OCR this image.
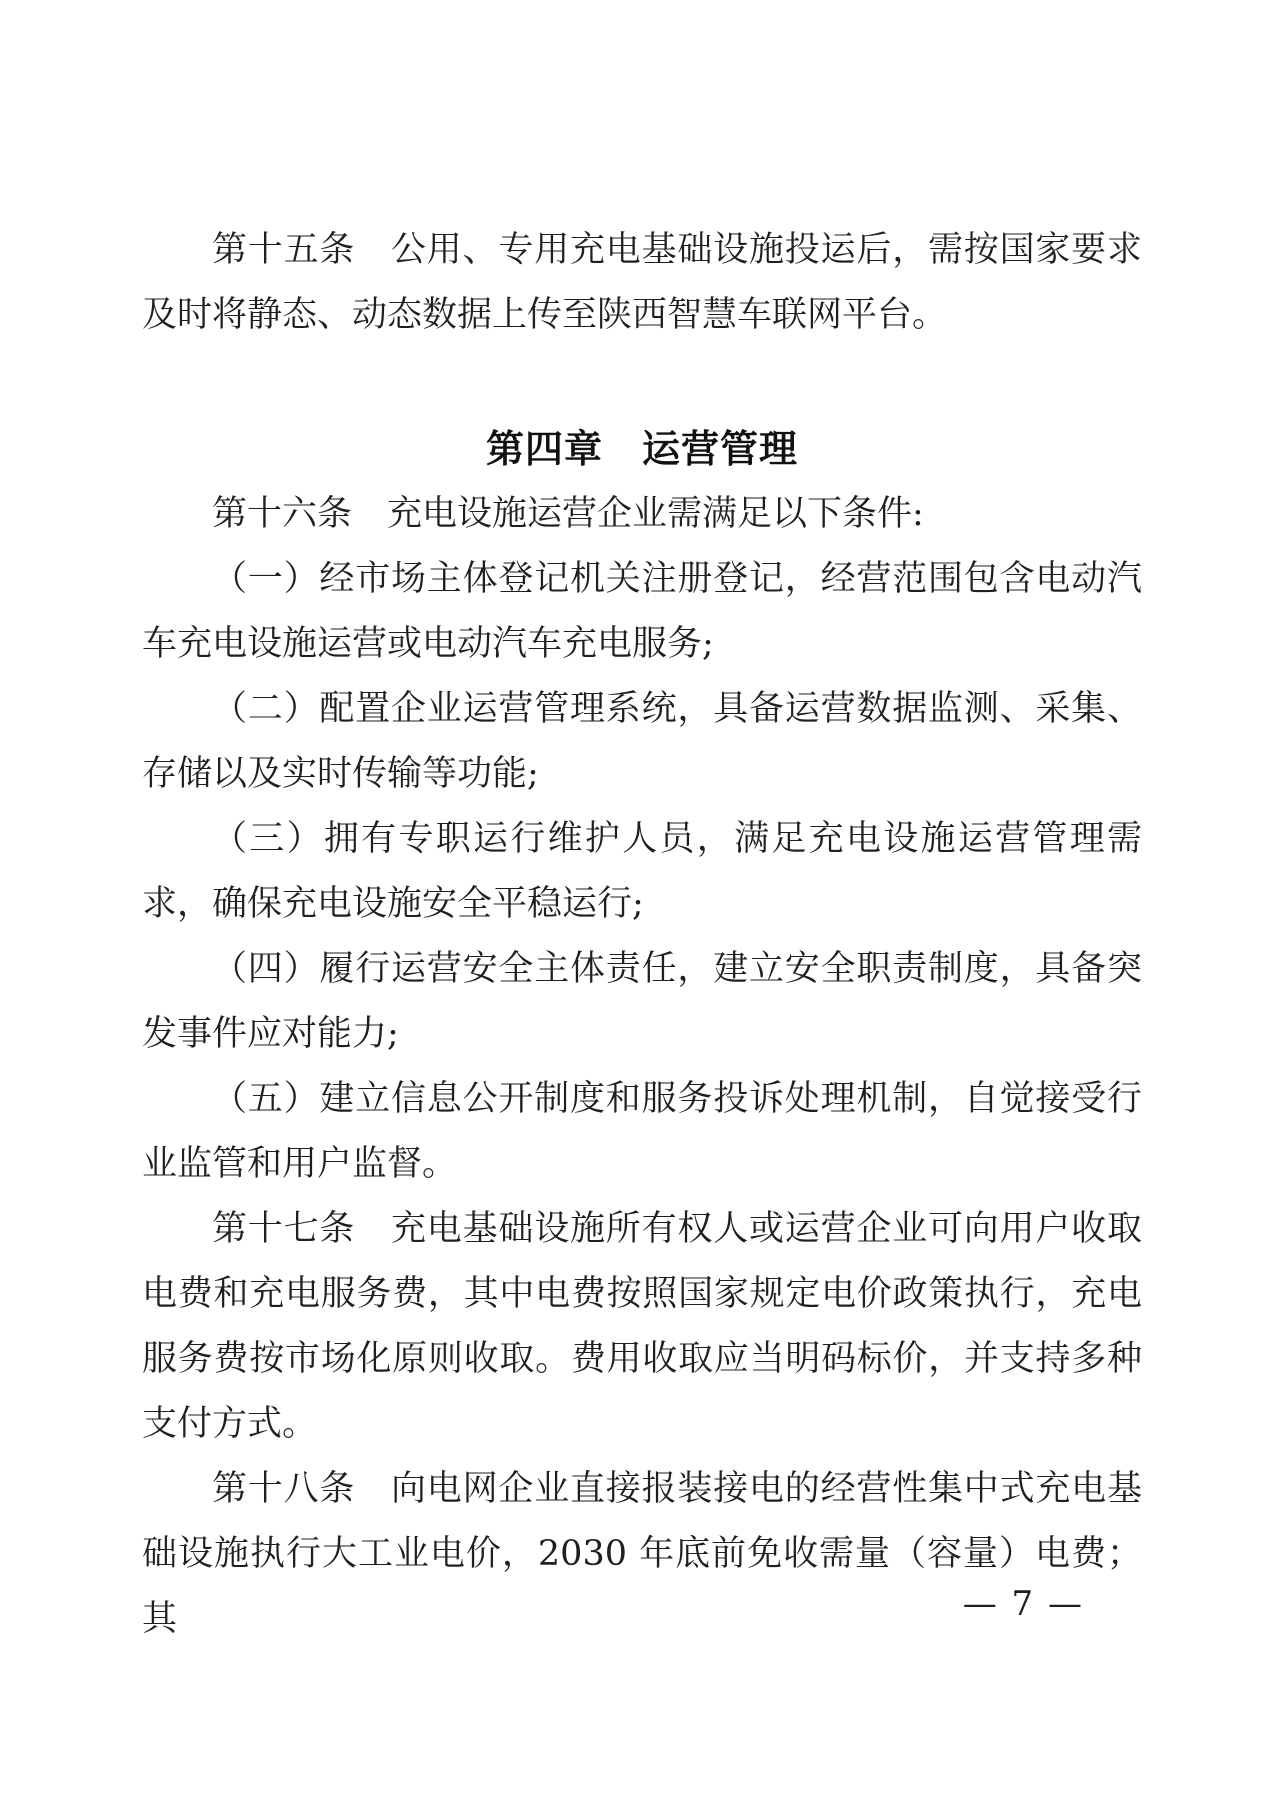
第十五条　公用、专用充电基础设施投运后，需按国家要求及时将静态、动态数据上传至陕西智慧车联网平台。

第四章　运营管理

第十六条　充电设施运营企业需满足以下条件:

（一）经市场主体登记机关注册登记，经营范围包含电动汽车充电设施运营或电动汽车充电服务;

（二）配置企业运营管理系统，具备运营数据监测、采集、存储以及实时传输等功能;

（三）拥有专职运行维护人员，满足充电设施运营管理需求，确保充电设施安全平稳运行;

（四）履行运营安全主体责任，建立安全职责制度，具备突发事件应对能力;

（五）建立信息公开制度和服务投诉处理机制，自觉接受行业监管和用户监督。

第十七条　充电基础设施所有权人或运营企业可向用户收取电费和充电服务费，其中电费按照国家规定电价政策执行，充电服务费按市场化原则收取。费用收取应当明码标价，并支持多种支付方式。

第十八条　向电网企业直接报装接电的经营性集中式充电基础设施执行大工业电价，2030 年底前免收需量（容量）电费；其	— 7 —
